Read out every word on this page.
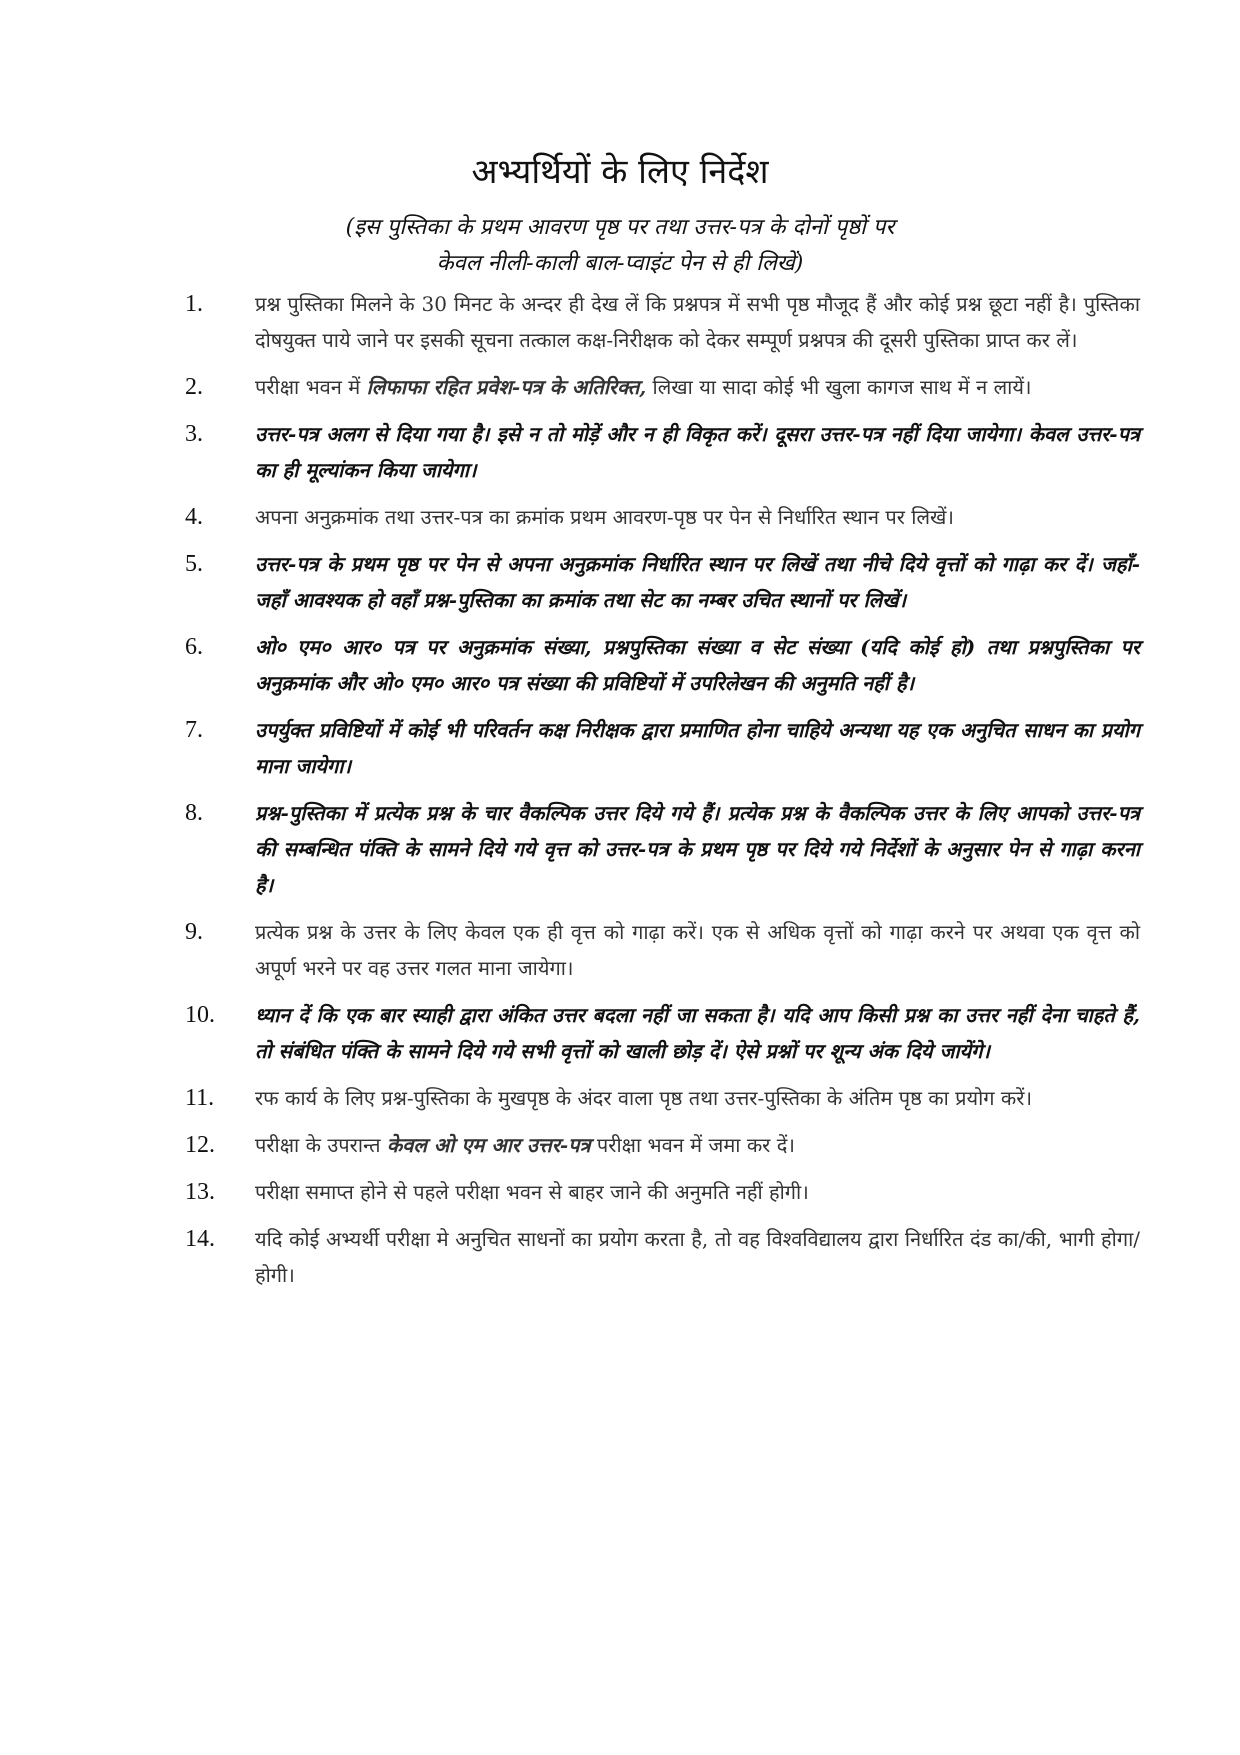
अभ्यर्थियों के लिए निर्देश
(इस पुस्तिका के प्रथम आवरण पृष्ठ पर तथा उत्तर-पत्र के दोनों पृष्ठों पर
केवल नीली-काली बाल-प्वाइंट पेन से ही लिखें)
1.	प्रश्न पुस्तिका मिलने के 30 मिनट के अन्दर ही देख लें कि प्रश्नपत्र में सभी पृष्ठ मौजूद हैं और कोई प्रश्न छूटा नहीं है। पुस्तिका दोषयुक्त पाये जाने पर इसकी सूचना तत्काल कक्ष-निरीक्षक को देकर सम्पूर्ण प्रश्नपत्र की दूसरी पुस्तिका प्राप्त कर लें।
2.	परीक्षा भवन में लिफाफा रहित प्रवेश-पत्र के अतिरिक्त, लिखा या सादा कोई भी खुला कागज साथ में न लायें।
3.	उत्तर-पत्र अलग से दिया गया है। इसे न तो मोड़ें और न ही विकृत करें। दूसरा उत्तर-पत्र नहीं दिया जायेगा। केवल उत्तर-पत्र का ही मूल्यांकन किया जायेगा।
4.	अपना अनुक्रमांक तथा उत्तर-पत्र का क्रमांक प्रथम आवरण-पृष्ठ पर पेन से निर्धारित स्थान पर लिखें।
5.	उत्तर-पत्र के प्रथम पृष्ठ पर पेन से अपना अनुक्रमांक निर्धारित स्थान पर लिखें तथा नीचे दिये वृत्तों को गाढ़ा कर दें। जहाँ-जहाँ आवश्यक हो वहाँ प्रश्न-पुस्तिका का क्रमांक तथा सेट का नम्बर उचित स्थानों पर लिखें।
6.	ओ० एम० आर० पत्र पर अनुक्रमांक संख्या, प्रश्नपुस्तिका संख्या व सेट संख्या (यदि कोई हो) तथा प्रश्नपुस्तिका पर अनुक्रमांक और ओ० एम० आर० पत्र संख्या की प्रविष्टियों में उपरिलेखन की अनुमति नहीं है।
7.	उपर्युक्त प्रविष्टियों में कोई भी परिवर्तन कक्ष निरीक्षक द्वारा प्रमाणित होना चाहिये अन्यथा यह एक अनुचित साधन का प्रयोग माना जायेगा।
8.	प्रश्न-पुस्तिका में प्रत्येक प्रश्न के चार वैकल्पिक उत्तर दिये गये हैं। प्रत्येक प्रश्न के वैकल्पिक उत्तर के लिए आपको उत्तर-पत्र की सम्बन्धित पंक्ति के सामने दिये गये वृत्त को उत्तर-पत्र के प्रथम पृष्ठ पर दिये गये निर्देशों के अनुसार पेन से गाढ़ा करना है।
9.	प्रत्येक प्रश्न के उत्तर के लिए केवल एक ही वृत्त को गाढ़ा करें। एक से अधिक वृत्तों को गाढ़ा करने पर अथवा एक वृत्त को अपूर्ण भरने पर वह उत्तर गलत माना जायेगा।
10.	ध्यान दें कि एक बार स्याही द्वारा अंकित उत्तर बदला नहीं जा सकता है। यदि आप किसी प्रश्न का उत्तर नहीं देना चाहते हैं, तो संबंधित पंक्ति के सामने दिये गये सभी वृत्तों को खाली छोड़ दें। ऐसे प्रश्नों पर शून्य अंक दिये जायेंगे।
11.	रफ कार्य के लिए प्रश्न-पुस्तिका के मुखपृष्ठ के अंदर वाला पृष्ठ तथा उत्तर-पुस्तिका के अंतिम पृष्ठ का प्रयोग करें।
12.	परीक्षा के उपरान्त केवल ओ एम आर उत्तर-पत्र परीक्षा भवन में जमा कर दें।
13.	परीक्षा समाप्त होने से पहले परीक्षा भवन से बाहर जाने की अनुमति नहीं होगी।
14.	यदि कोई अभ्यर्थी परीक्षा मे अनुचित साधनों का प्रयोग करता है, तो वह विश्वविद्यालय द्वारा निर्धारित दंड का/की, भागी होगा/होगी।
